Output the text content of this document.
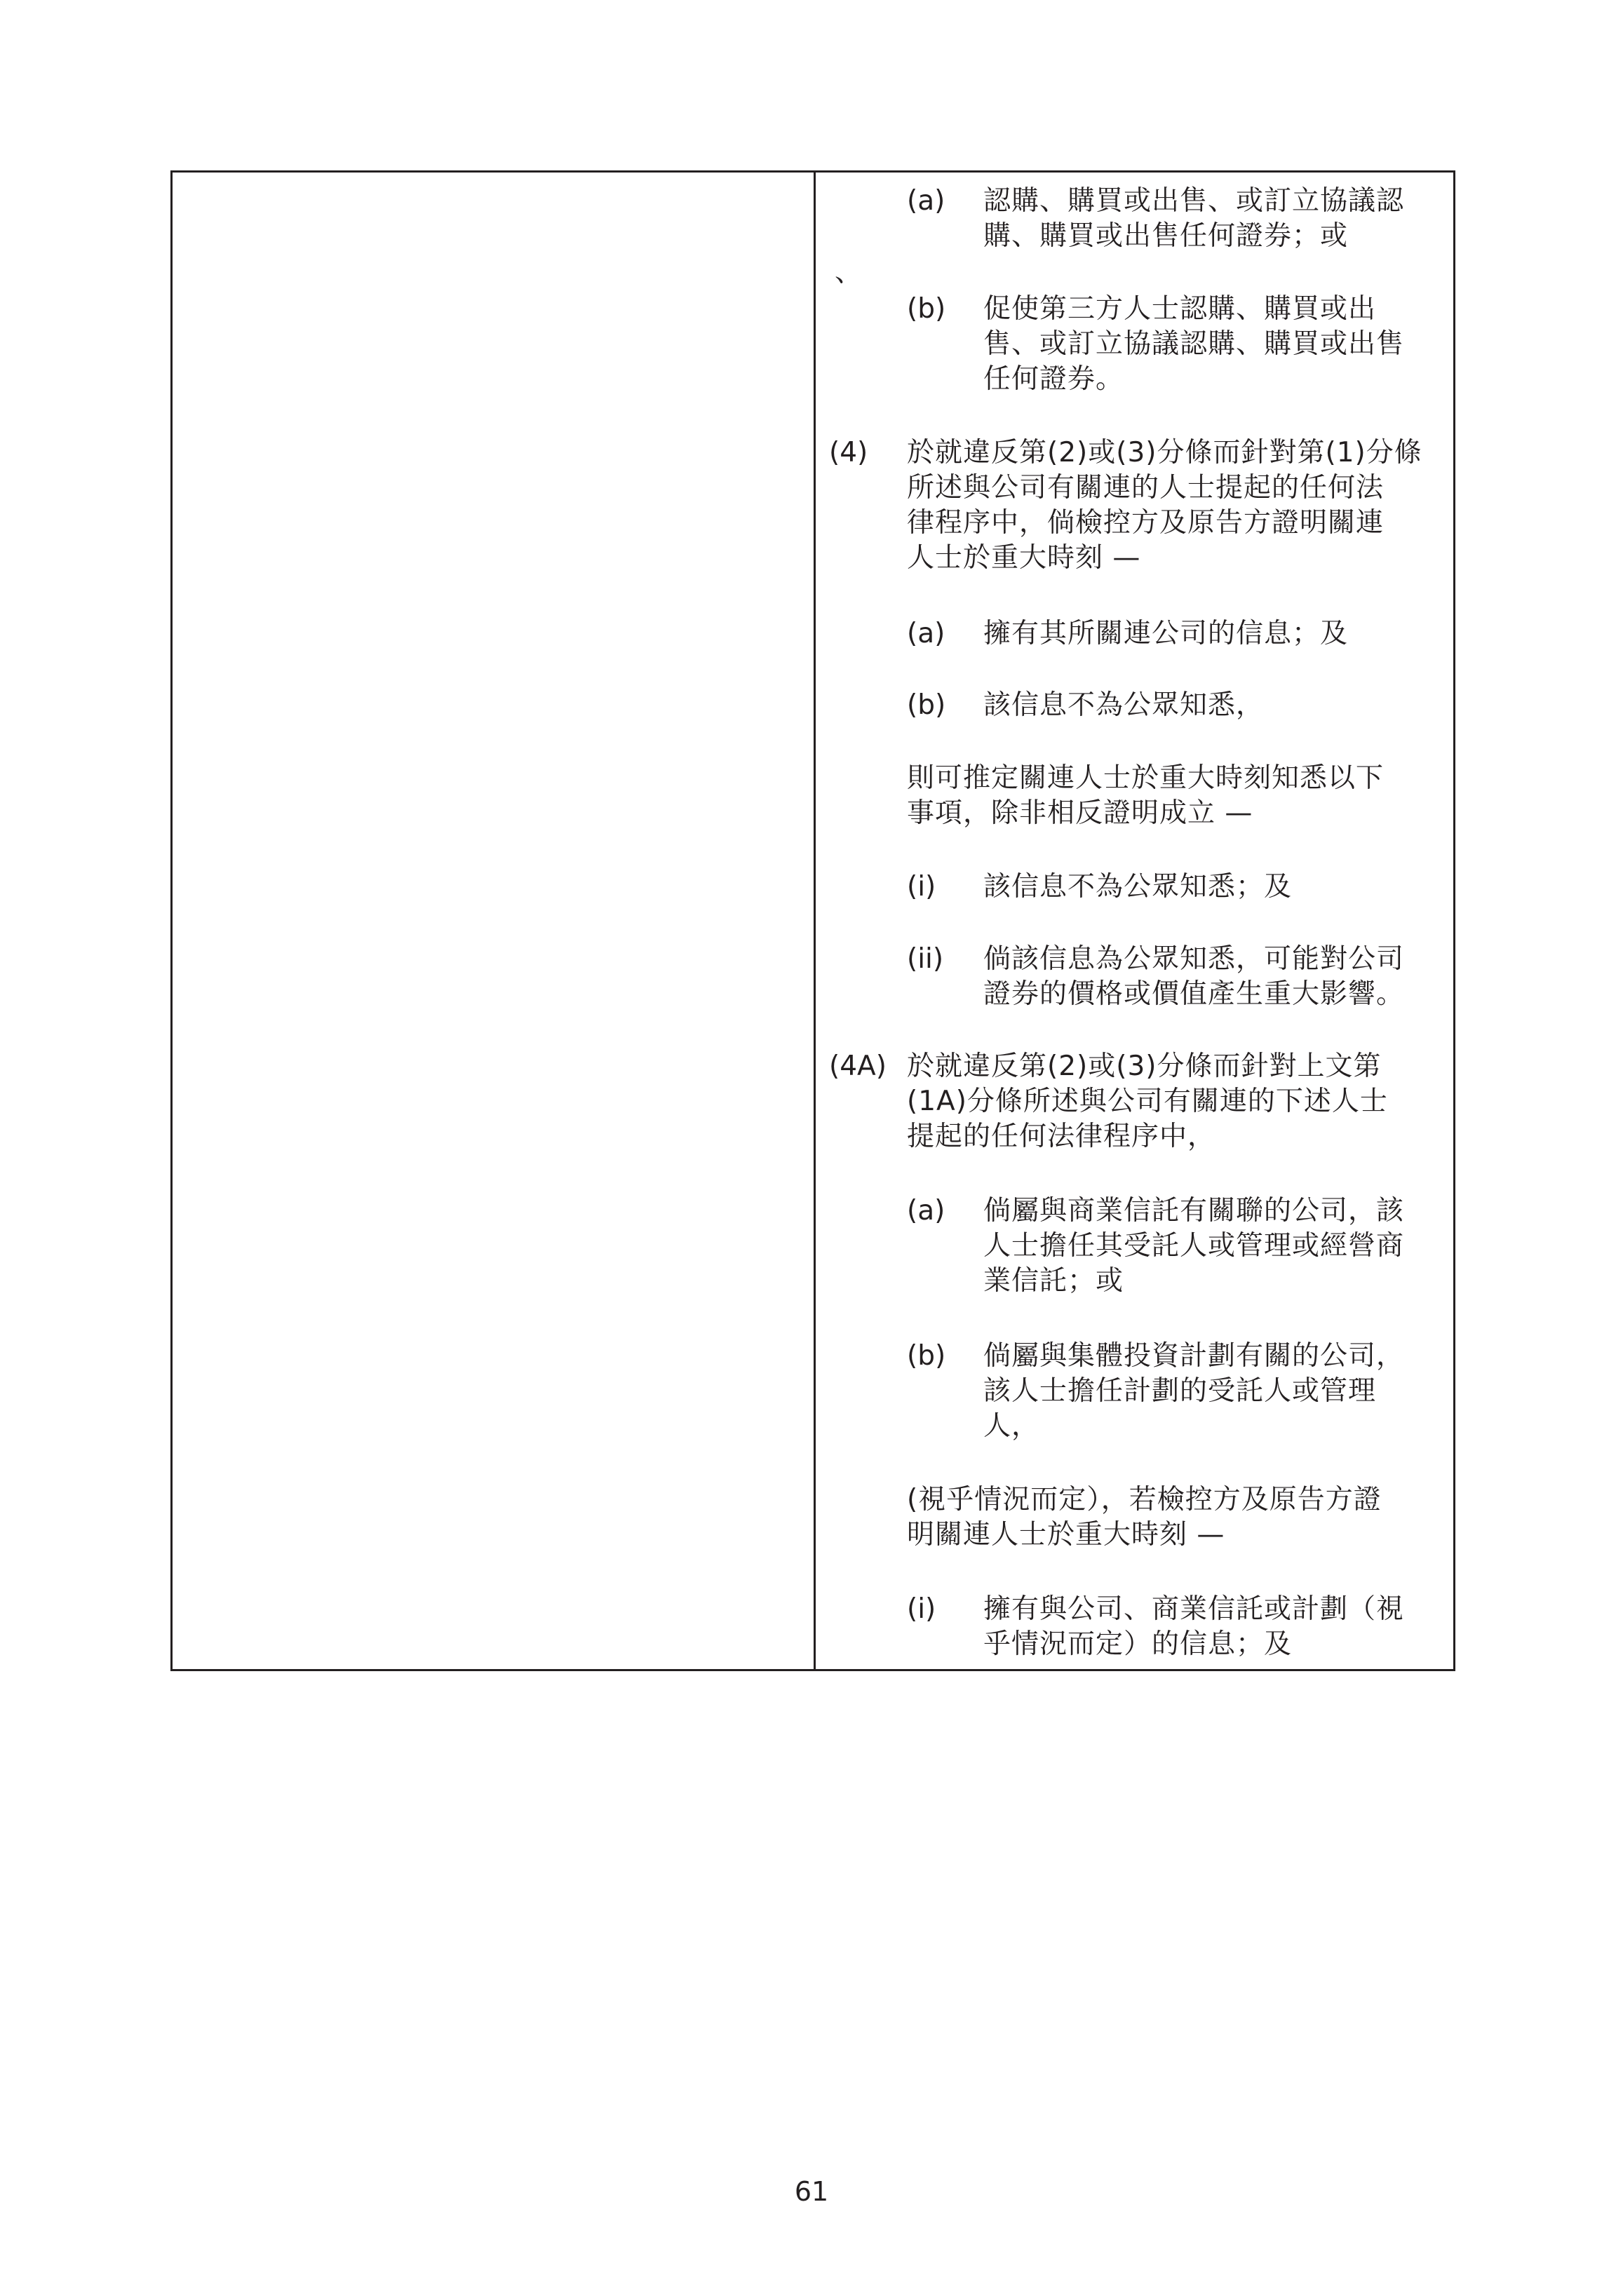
(a) 認購、購買或出售、或訂立協議認
購、購買或出售任何證券；或
、
(b) 促使第三方人士認購、購買或出
售、或訂立協議認購、購買或出售
任何證券。
(4) 於就違反第(2)或(3)分條而針對第(1)分條
所述與公司有關連的人士提起的任何法
律程序中，倘檢控方及原告方證明關連
人士於重大時刻 —
(a) 擁有其所關連公司的信息；及
(b) 該信息不為公眾知悉，
則可推定關連人士於重大時刻知悉以下
事項，除非相反證明成立 —
(i) 該信息不為公眾知悉；及
(ii) 倘該信息為公眾知悉，可能對公司
證券的價格或價值產生重大影響。
(4A) 於就違反第(2)或(3)分條而針對上文第
(1A)分條所述與公司有關連的下述人士
提起的任何法律程序中，
(a) 倘屬與商業信託有關聯的公司，該
人士擔任其受託人或管理或經營商
業信託；或
(b) 倘屬與集體投資計劃有關的公司，
該人士擔任計劃的受託人或管理
人，
(視乎情況而定），若檢控方及原告方證
明關連人士於重大時刻 —
(i) 擁有與公司、商業信託或計劃（視
乎情況而定）的信息；及
61
